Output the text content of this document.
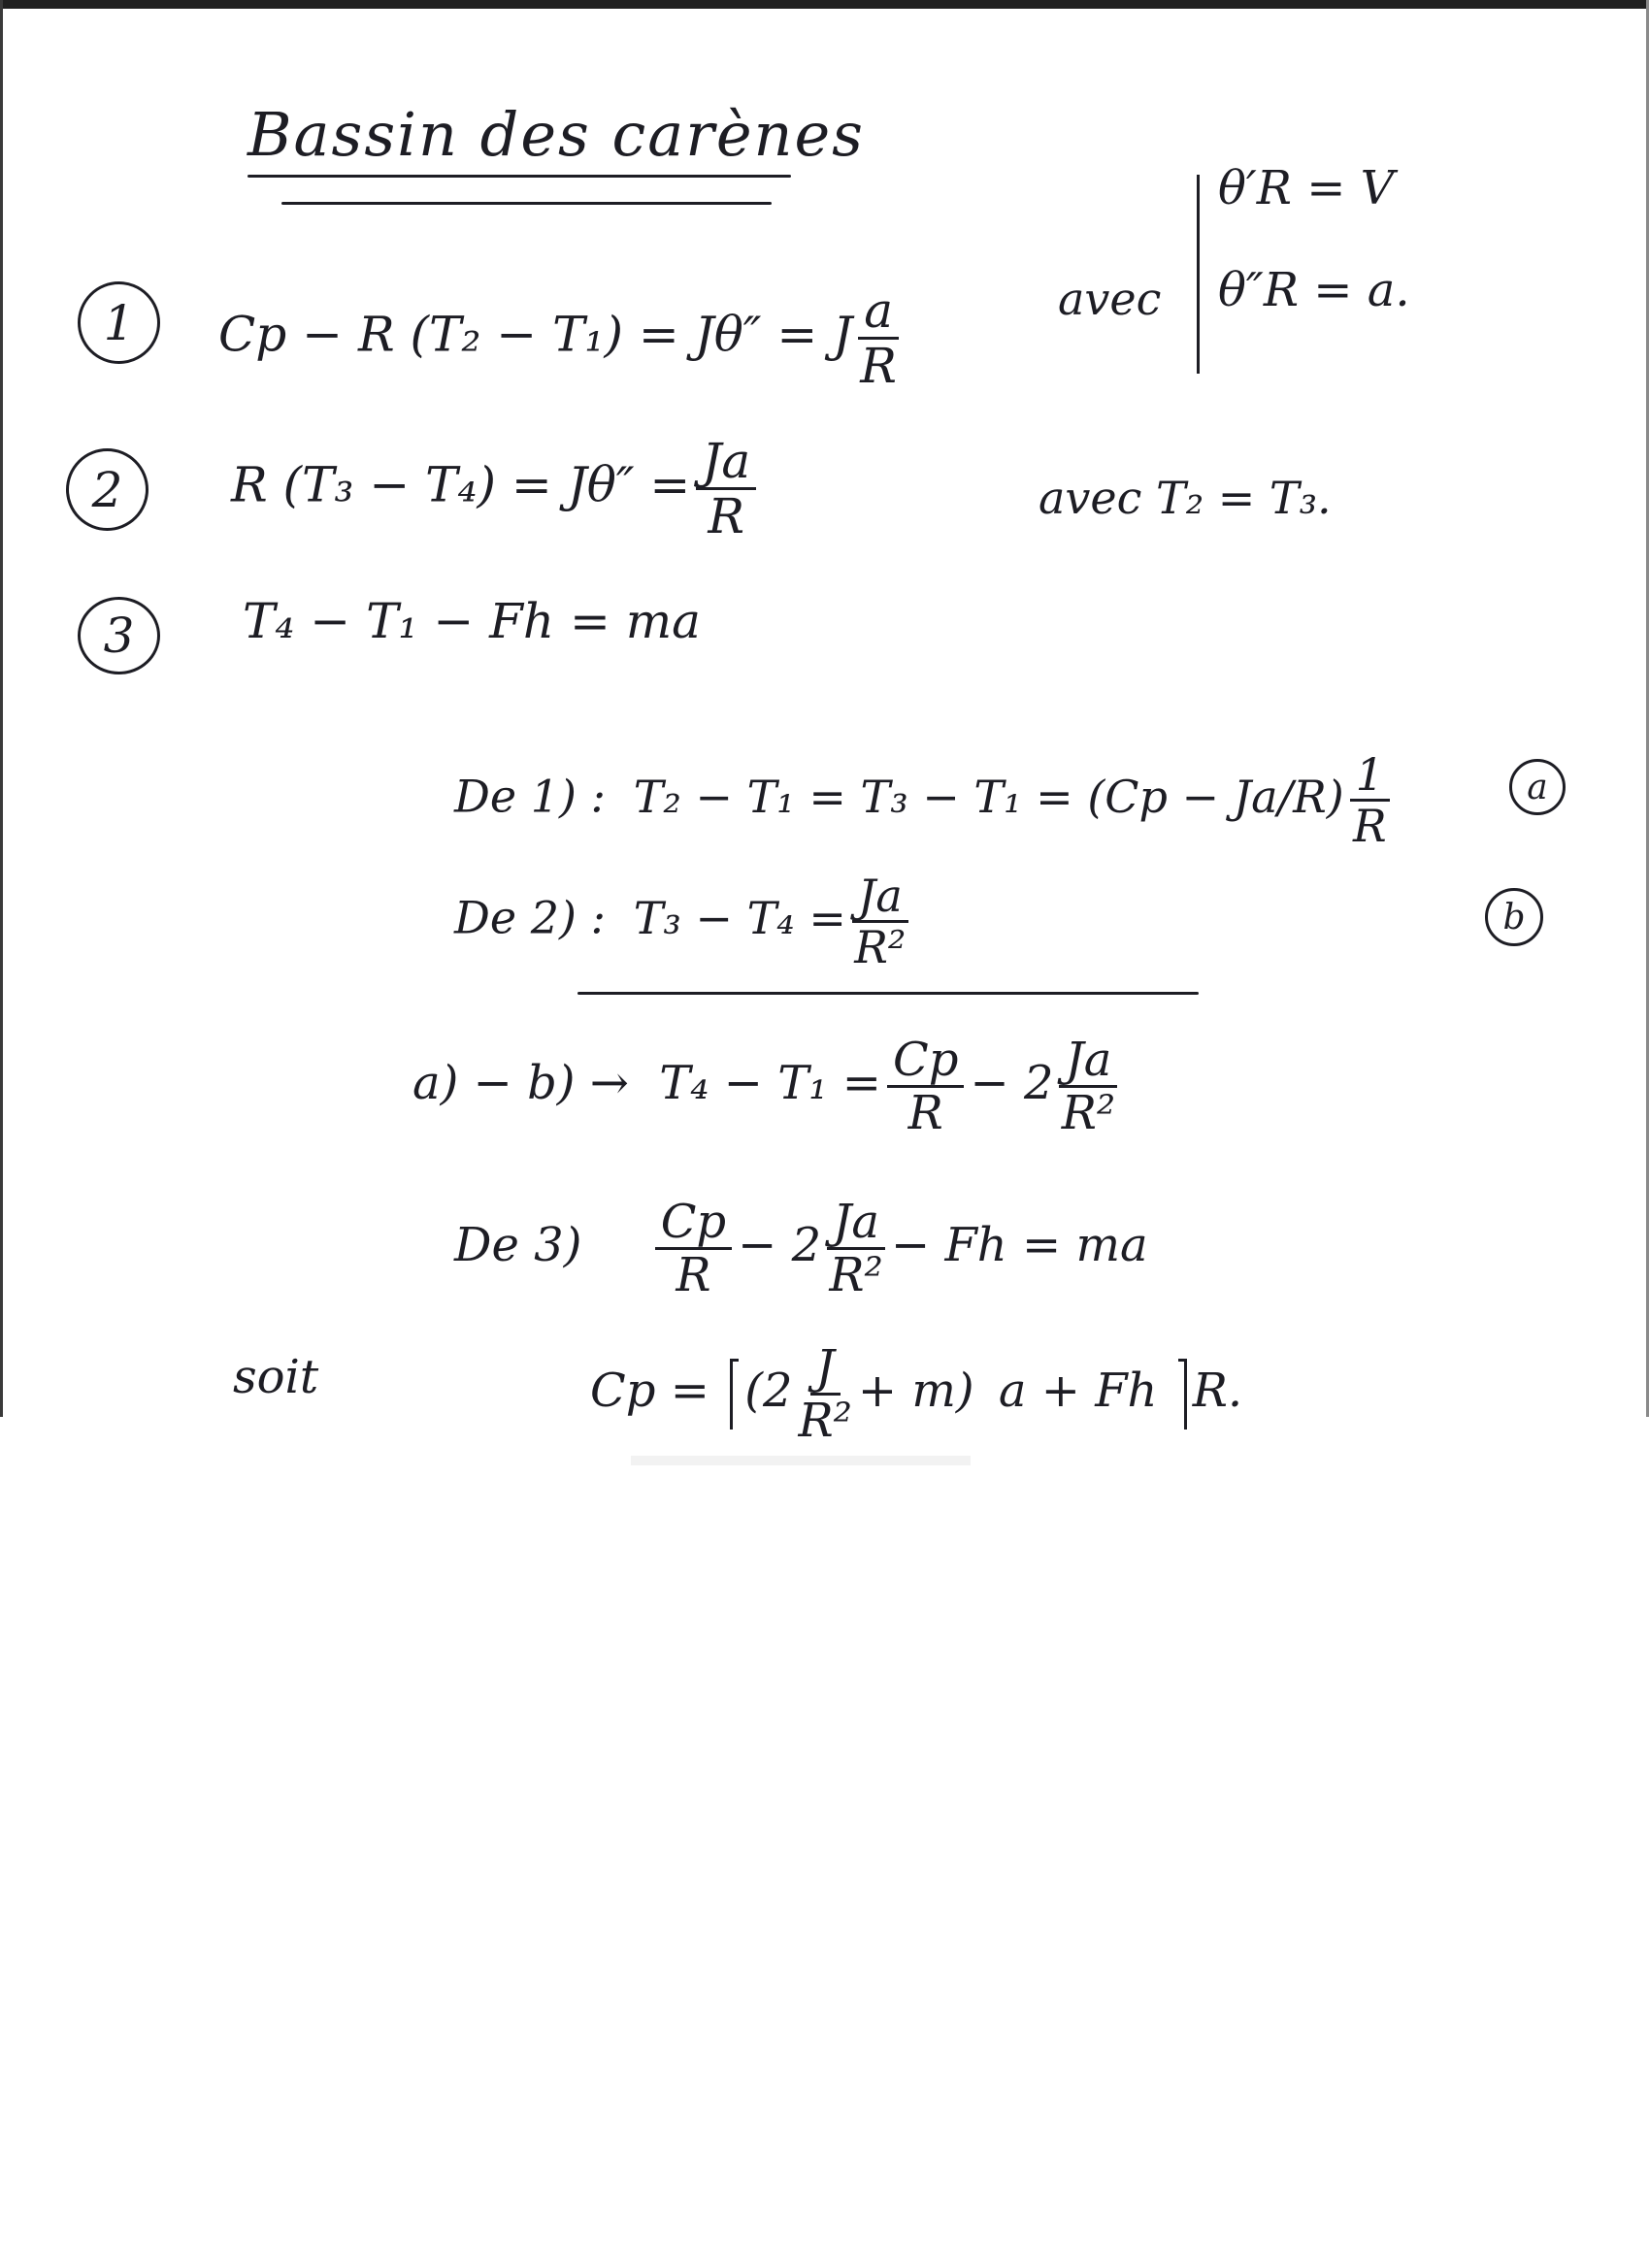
Bassin des carènes
1 Cp − R (T₂ − T₁) = Jθ″ = J $\frac{a}{R}$	avec
θ′R = V
θ″R = a.
2 R $(T_3 - T_4) = J\theta'' = \frac{Ja}{R}$	avec T₂ = T₃.
3 T₄ − T₁ − Fh = ma
De 1) : $T_2 - T_1 = T_3 - T_1 = (Cp - Ja/R) \frac{1}{R}$	a
De 2) : $T_3 - T_4 = \frac{Ja}{\text{R²}}$	b
$a) - b) \to T_4 - T_1 = \frac{Cp}{R} - 2 \frac{Ja}{\text{R²}}$
De $3) \frac{Cp}{R} - 2 \frac{Ja}{\text{R²}} - Fh$ = ma
soit	$Cp = (2 \frac{J}{\text{R²}} + m)$ a + Fh R.
